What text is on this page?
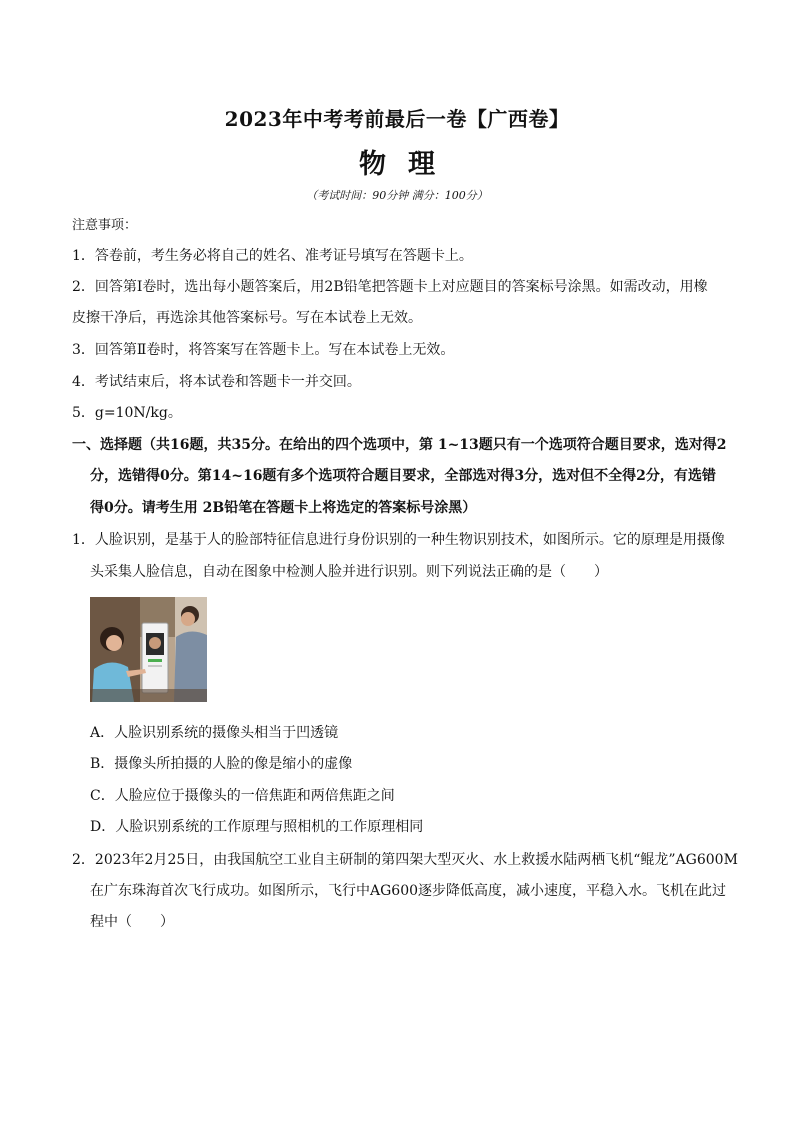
2023年中考考前最后一卷【广西卷】
物理
（考试时间：90分钟 满分：100分）
注意事项：
1．答卷前，考生务必将自己的姓名、准考证号填写在答题卡上。
2．回答第Ⅰ卷时，选出每小题答案后，用2B铅笔把答题卡上对应题目的答案标号涂黑。如需改动，用橡
皮擦干净后，再选涂其他答案标号。写在本试卷上无效。
3．回答第Ⅱ卷时，将答案写在答题卡上。写在本试卷上无效。
4．考试结束后，将本试卷和答题卡一并交回。
5．g=10N/kg。
一、选择题（共16题，共35分。在给出的四个选项中，第 1~13题只有一个选项符合题目要求，选对得2
分，选错得0分。第14~16题有多个选项符合题目要求，全部选对得3分，选对但不全得2分，有选错
得0分。请考生用 2B铅笔在答题卡上将选定的答案标号涂黑）
1．人脸识别，是基于人的脸部特征信息进行身份识别的一种生物识别技术，如图所示。它的原理是用摄像
头采集人脸信息，自动在图象中检测人脸并进行识别。则下列说法正确的是（　　）
A．人脸识别系统的摄像头相当于凹透镜
B．摄像头所拍摄的人脸的像是缩小的虚像
C．人脸应位于摄像头的一倍焦距和两倍焦距之间
D．人脸识别系统的工作原理与照相机的工作原理相同
2．2023年2月25日，由我国航空工业自主研制的第四架大型灭火、水上救援水陆两栖飞机“鲲龙”AG600M
在广东珠海首次飞行成功。如图所示，飞行中AG600逐步降低高度，减小速度，平稳入水。飞机在此过
程中（　　）
